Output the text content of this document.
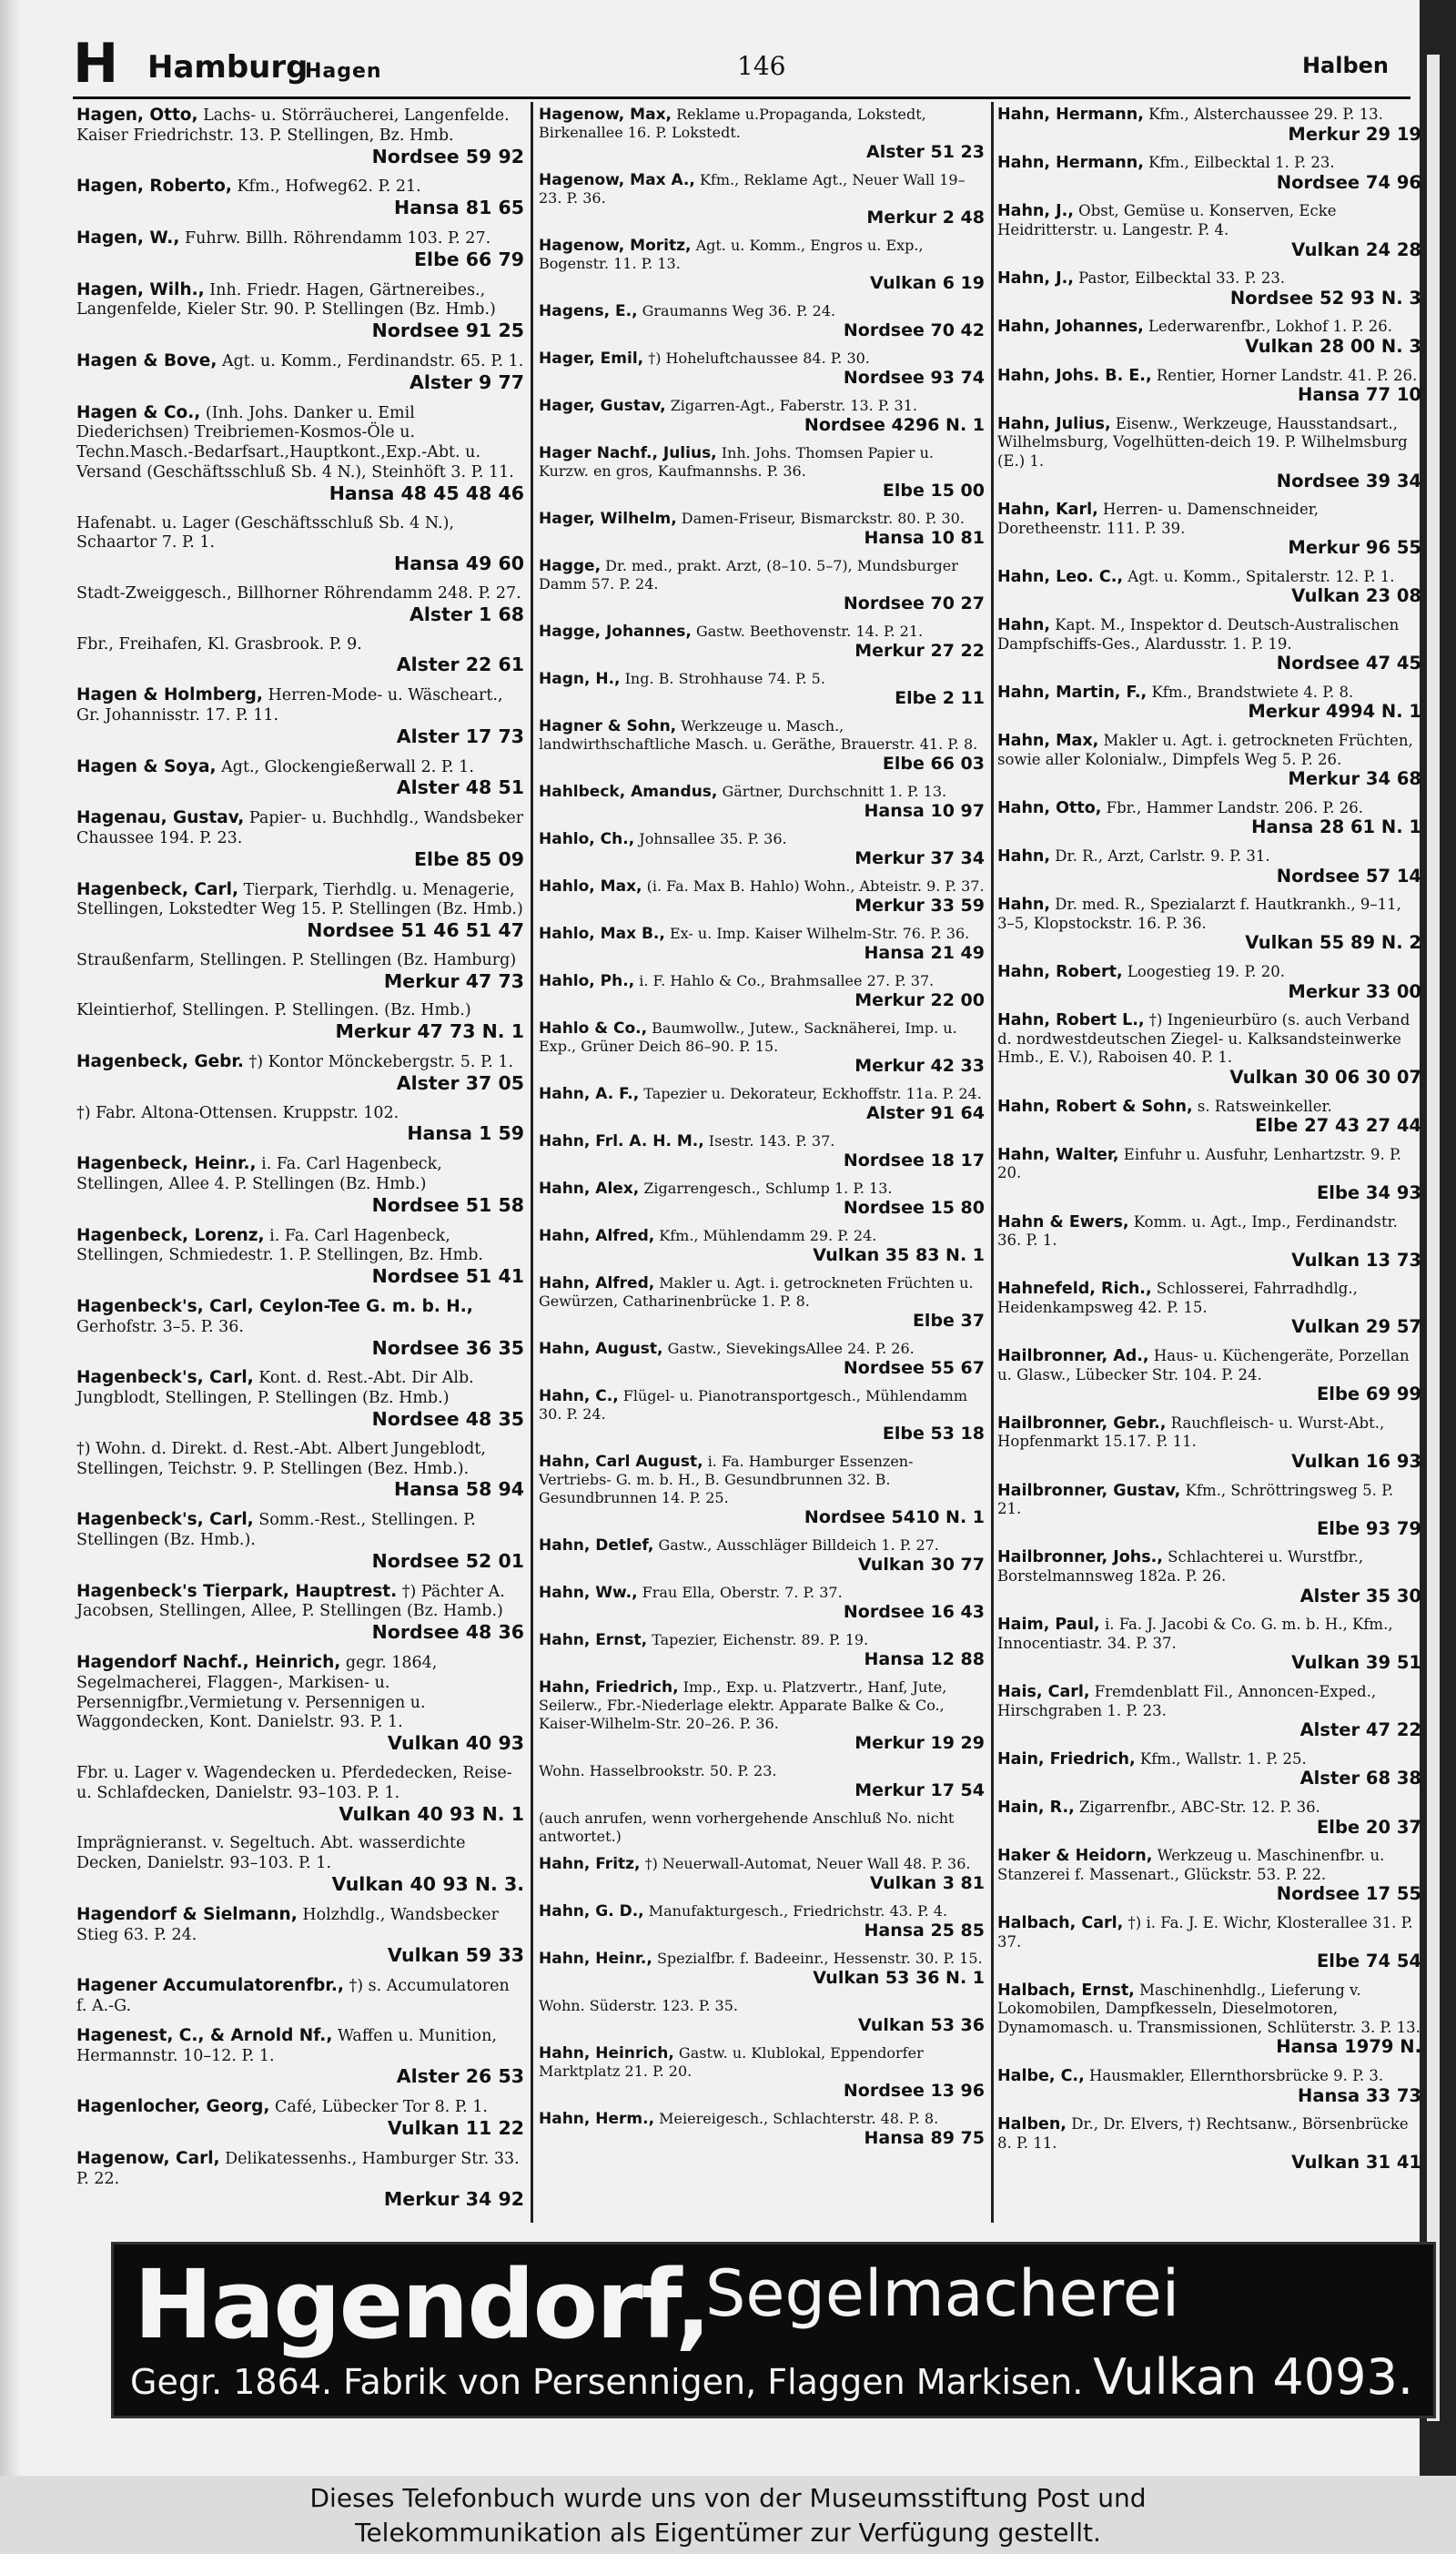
H Hamburg
Hagen	146	Halben
Hagen, Otto, Lachs- u. Störräucherei, Langenfelde. Kaiser Friedrichstr. 13. P. Stellingen, Bz. Hmb.
Nordsee 59 92
Hagen, Roberto, Kfm., Hofweg62. P. 21.
Hansa 81 65
Hagen, W., Fuhrw. Billh. Röhrendamm 103. P. 27.
Elbe 66 79
Hagen, Wilh., Inh. Friedr. Hagen, Gärtnereibes., Langenfelde, Kieler Str. 90. P. Stellingen (Bz. Hmb.)
Nordsee 91 25
Hagen & Bove, Agt. u. Komm., Ferdinandstr. 65. P. 1.
Alster 9 77
Hagen & Co., (Inh. Johs. Danker u. Emil Diederichsen) Treibriemen-Kosmos-Öle u. Techn.Masch.-Bedarfsart.,Hauptkont.,Exp.-Abt. u. Versand (Geschäftsschluß Sb. 4 N.), Steinhöft 3. P. 11.
Hansa 48 45 48 46
Hafenabt. u. Lager (Geschäftsschluß Sb. 4 N.), Schaartor 7. P. 1.
Hansa 49 60
Stadt-Zweiggesch., Billhorner Röhrendamm 248. P. 27.
Alster 1 68
Fbr., Freihafen, Kl. Grasbrook. P. 9.
Alster 22 61
Hagen & Holmberg, Herren-Mode- u. Wäscheart., Gr. Johannisstr. 17. P. 11.
Alster 17 73
Hagen & Soya, Agt., Glockengießerwall 2. P. 1.
Alster 48 51
Hagenau, Gustav, Papier- u. Buchhdlg., Wandsbeker Chaussee 194. P. 23.
Elbe 85 09
Hagenbeck, Carl, Tierpark, Tierhdlg. u. Menagerie, Stellingen, Lokstedter Weg 15. P. Stellingen (Bz. Hmb.)
Nordsee 51 46 51 47
Straußenfarm, Stellingen. P. Stellingen (Bz. Hamburg)
Merkur 47 73
Kleintierhof, Stellingen. P. Stellingen. (Bz. Hmb.)
Merkur 47 73 N. 1
Hagenbeck, Gebr. †) Kontor Mönckebergstr. 5. P. 1.
Alster 37 05
†) Fabr. Altona-Ottensen. Kruppstr. 102.
Hansa 1 59
Hagenbeck, Heinr., i. Fa. Carl Hagenbeck, Stellingen, Allee 4. P. Stellingen (Bz. Hmb.)
Nordsee 51 58
Hagenbeck, Lorenz, i. Fa. Carl Hagenbeck, Stellingen, Schmiedestr. 1. P. Stellingen, Bz. Hmb.
Nordsee 51 41
Hagenbeck's, Carl, Ceylon-Tee G. m. b. H., Gerhofstr. 3–5. P. 36.
Nordsee 36 35
Hagenbeck's, Carl, Kont. d. Rest.-Abt. Dir Alb. Jungblodt, Stellingen, P. Stellingen (Bz. Hmb.)
Nordsee 48 35
†) Wohn. d. Direkt. d. Rest.-Abt. Albert Jungeblodt, Stellingen, Teichstr. 9. P. Stellingen (Bez. Hmb.).
Hansa 58 94
Hagenbeck's, Carl, Somm.-Rest., Stellingen. P. Stellingen (Bz. Hmb.).
Nordsee 52 01
Hagenbeck's Tierpark, Hauptrest. †) Pächter A. Jacobsen, Stellingen, Allee, P. Stellingen (Bz. Hamb.)
Nordsee 48 36
Hagendorf Nachf., Heinrich, gegr. 1864, Segelmacherei, Flaggen-, Markisen- u. Persennigfbr.,Vermietung v. Persennigen u. Waggondecken, Kont. Danielstr. 93. P. 1.
Vulkan 40 93
Fbr. u. Lager v. Wagendecken u. Pferdedecken, Reise- u. Schlafdecken, Danielstr. 93–103. P. 1.
Vulkan 40 93 N. 1
Imprägnieranst. v. Segeltuch. Abt. wasserdichte Decken, Danielstr. 93–103. P. 1.
Vulkan 40 93 N. 3.
Hagendorf & Sielmann, Holzhdlg., Wandsbecker Stieg 63. P. 24.
Vulkan 59 33
Hagener Accumulatorenfbr., †) s. Accumulatoren f. A.-G.
Hagenest, C., & Arnold Nf., Waffen u. Munition, Hermannstr. 10–12. P. 1.
Alster 26 53
Hagenlocher, Georg, Café, Lübecker Tor 8. P. 1.
Vulkan 11 22
Hagenow, Carl, Delikatessenhs., Hamburger Str. 33. P. 22.
Merkur 34 92
Hagenow, Max, Reklame u.Propaganda, Lokstedt, Birkenallee 16. P. Lokstedt.
Alster 51 23
Hagenow, Max A., Kfm., Reklame Agt., Neuer Wall 19–23. P. 36.
Merkur 2 48
Hagenow, Moritz, Agt. u. Komm., Engros u. Exp., Bogenstr. 11. P. 13.
Vulkan 6 19
Hagens, E., Graumanns Weg 36. P. 24.
Nordsee 70 42
Hager, Emil, †) Hoheluftchaussee 84. P. 30.
Nordsee 93 74
Hager, Gustav, Zigarren-Agt., Faberstr. 13. P. 31.
Nordsee 4296 N. 1
Hager Nachf., Julius, Inh. Johs. Thomsen Papier u. Kurzw. en gros, Kaufmannshs. P. 36.
Elbe 15 00
Hager, Wilhelm, Damen-Friseur, Bismarckstr. 80. P. 30.
Hansa 10 81
Hagge, Dr. med., prakt. Arzt, (8–10. 5–7), Mundsburger Damm 57. P. 24.
Nordsee 70 27
Hagge, Johannes, Gastw. Beethovenstr. 14. P. 21.
Merkur 27 22
Hagn, H., Ing. B. Strohhause 74. P. 5.
Elbe 2 11
Hagner & Sohn, Werkzeuge u. Masch., landwirthschaftliche Masch. u. Geräthe, Brauerstr. 41. P. 8.
Elbe 66 03
Hahlbeck, Amandus, Gärtner, Durchschnitt 1. P. 13.
Hansa 10 97
Hahlo, Ch., Johnsallee 35. P. 36.
Merkur 37 34
Hahlo, Max, (i. Fa. Max B. Hahlo) Wohn., Abteistr. 9. P. 37.
Merkur 33 59
Hahlo, Max B., Ex- u. Imp. Kaiser Wilhelm-Str. 76. P. 36.
Hansa 21 49
Hahlo, Ph., i. F. Hahlo & Co., Brahmsallee 27. P. 37.
Merkur 22 00
Hahlo & Co., Baumwollw., Jutew., Sacknäherei, Imp. u. Exp., Grüner Deich 86–90. P. 15.
Merkur 42 33
Hahn, A. F., Tapezier u. Dekorateur, Eckhoffstr. 11a. P. 24.
Alster 91 64
Hahn, Frl. A. H. M., Isestr. 143. P. 37.
Nordsee 18 17
Hahn, Alex, Zigarrengesch., Schlump 1. P. 13.
Nordsee 15 80
Hahn, Alfred, Kfm., Mühlendamm 29. P. 24.
Vulkan 35 83 N. 1
Hahn, Alfred, Makler u. Agt. i. getrockneten Früchten u. Gewürzen, Catharinenbrücke 1. P. 8.
Elbe 37
Hahn, August, Gastw., SievekingsAllee 24. P. 26.
Nordsee 55 67
Hahn, C., Flügel- u. Pianotransportgesch., Mühlendamm 30. P. 24.
Elbe 53 18
Hahn, Carl August, i. Fa. Hamburger Essenzen-Vertriebs- G. m. b. H., B. Gesundbrunnen 32. B. Gesundbrunnen 14. P. 25.
Nordsee 5410 N. 1
Hahn, Detlef, Gastw., Ausschläger Billdeich 1. P. 27.
Vulkan 30 77
Hahn, Ww., Frau Ella, Oberstr. 7. P. 37.
Nordsee 16 43
Hahn, Ernst, Tapezier, Eichenstr. 89. P. 19.
Hansa 12 88
Hahn, Friedrich, Imp., Exp. u. Platzvertr., Hanf, Jute, Seilerw., Fbr.-Niederlage elektr. Apparate Balke & Co., Kaiser-Wilhelm-Str. 20–26. P. 36.
Merkur 19 29
Wohn. Hasselbrookstr. 50. P. 23.
Merkur 17 54
(auch anrufen, wenn vorhergehende Anschluß No. nicht antwortet.)
Hahn, Fritz, †) Neuerwall-Automat, Neuer Wall 48. P. 36.
Vulkan 3 81
Hahn, G. D., Manufakturgesch., Friedrichstr. 43. P. 4.
Hansa 25 85
Hahn, Heinr., Spezialfbr. f. Badeeinr., Hessenstr. 30. P. 15.
Vulkan 53 36 N. 1
Wohn. Süderstr. 123. P. 35.
Vulkan 53 36
Hahn, Heinrich, Gastw. u. Klublokal, Eppendorfer Marktplatz 21. P. 20.
Nordsee 13 96
Hahn, Herm., Meiereigesch., Schlachterstr. 48. P. 8.
Hansa 89 75
Hahn, Hermann, Kfm., Alsterchaussee 29. P. 13.
Merkur 29 19
Hahn, Hermann, Kfm., Eilbecktal 1. P. 23.
Nordsee 74 96
Hahn, J., Obst, Gemüse u. Konserven, Ecke Heidritterstr. u. Langestr. P. 4.
Vulkan 24 28
Hahn, J., Pastor, Eilbecktal 33. P. 23.
Nordsee 52 93 N. 3
Hahn, Johannes, Lederwarenfbr., Lokhof 1. P. 26.
Vulkan 28 00 N. 3
Hahn, Johs. B. E., Rentier, Horner Landstr. 41. P. 26.
Hansa 77 10
Hahn, Julius, Eisenw., Werkzeuge, Hausstandsart., Wilhelmsburg, Vogelhütten-deich 19. P. Wilhelmsburg (E.) 1.
Nordsee 39 34
Hahn, Karl, Herren- u. Damenschneider, Doretheenstr. 111. P. 39.
Merkur 96 55
Hahn, Leo. C., Agt. u. Komm., Spitalerstr. 12. P. 1.
Vulkan 23 08
Hahn, Kapt. M., Inspektor d. Deutsch-Australischen Dampfschiffs-Ges., Alardusstr. 1. P. 19.
Nordsee 47 45
Hahn, Martin, F., Kfm., Brandstwiete 4. P. 8.
Merkur 4994 N. 1
Hahn, Max, Makler u. Agt. i. getrockneten Früchten, sowie aller Kolonialw., Dimpfels Weg 5. P. 26.
Merkur 34 68
Hahn, Otto, Fbr., Hammer Landstr. 206. P. 26.
Hansa 28 61 N. 1
Hahn, Dr. R., Arzt, Carlstr. 9. P. 31.
Nordsee 57 14
Hahn, Dr. med. R., Spezialarzt f. Hautkrankh., 9–11, 3–5, Klopstockstr. 16. P. 36.
Vulkan 55 89 N. 2
Hahn, Robert, Loogestieg 19. P. 20.
Merkur 33 00
Hahn, Robert L., †) Ingenieurbüro (s. auch Verband d. nordwestdeutschen Ziegel- u. Kalksandsteinwerke Hmb., E. V.), Raboisen 40. P. 1.
Vulkan 30 06 30 07
Hahn, Robert & Sohn, s. Ratsweinkeller.
Elbe 27 43 27 44
Hahn, Walter, Einfuhr u. Ausfuhr, Lenhartzstr. 9. P. 20.
Elbe 34 93
Hahn & Ewers, Komm. u. Agt., Imp., Ferdinandstr. 36. P. 1.
Vulkan 13 73
Hahnefeld, Rich., Schlosserei, Fahrradhdlg., Heidenkampsweg 42. P. 15.
Vulkan 29 57
Hailbronner, Ad., Haus- u. Küchengeräte, Porzellan u. Glasw., Lübecker Str. 104. P. 24.
Elbe 69 99
Hailbronner, Gebr., Rauchfleisch- u. Wurst-Abt., Hopfenmarkt 15.17. P. 11.
Vulkan 16 93
Hailbronner, Gustav, Kfm., Schröttringsweg 5. P. 21.
Elbe 93 79
Hailbronner, Johs., Schlachterei u. Wurstfbr., Borstelmannsweg 182a. P. 26.
Alster 35 30
Haim, Paul, i. Fa. J. Jacobi & Co. G. m. b. H., Kfm., Innocentiastr. 34. P. 37.
Vulkan 39 51
Hais, Carl, Fremdenblatt Fil., Annoncen-Exped., Hirschgraben 1. P. 23.
Alster 47 22
Hain, Friedrich, Kfm., Wallstr. 1. P. 25.
Alster 68 38
Hain, R., Zigarrenfbr., ABC-Str. 12. P. 36.
Elbe 20 37
Haker & Heidorn, Werkzeug u. Maschinenfbr. u. Stanzerei f. Massenart., Glückstr. 53. P. 22.
Nordsee 17 55
Halbach, Carl, †) i. Fa. J. E. Wichr, Klosterallee 31. P. 37.
Elbe 74 54
Halbach, Ernst, Maschinenhdlg., Lieferung v. Lokomobilen, Dampfkesseln, Dieselmotoren, Dynamomasch. u. Transmissionen, Schlüterstr. 3. P. 13.
Hansa 1979 N.
Halbe, C., Hausmakler, Ellernthorsbrücke 9. P. 3.
Hansa 33 73
Halben, Dr., Dr. Elvers, †) Rechtsanw., Börsenbrücke 8. P. 11.
Vulkan 31 41
Hagendorf,
Segelmacherei
Gegr. 1864. Fabrik von Persennigen, Flaggen Markisen. Vulkan 4093.
Dieses Telefonbuch wurde uns von der Museumsstiftung Post und
Telekommunikation als Eigentümer zur Verfügung gestellt.
